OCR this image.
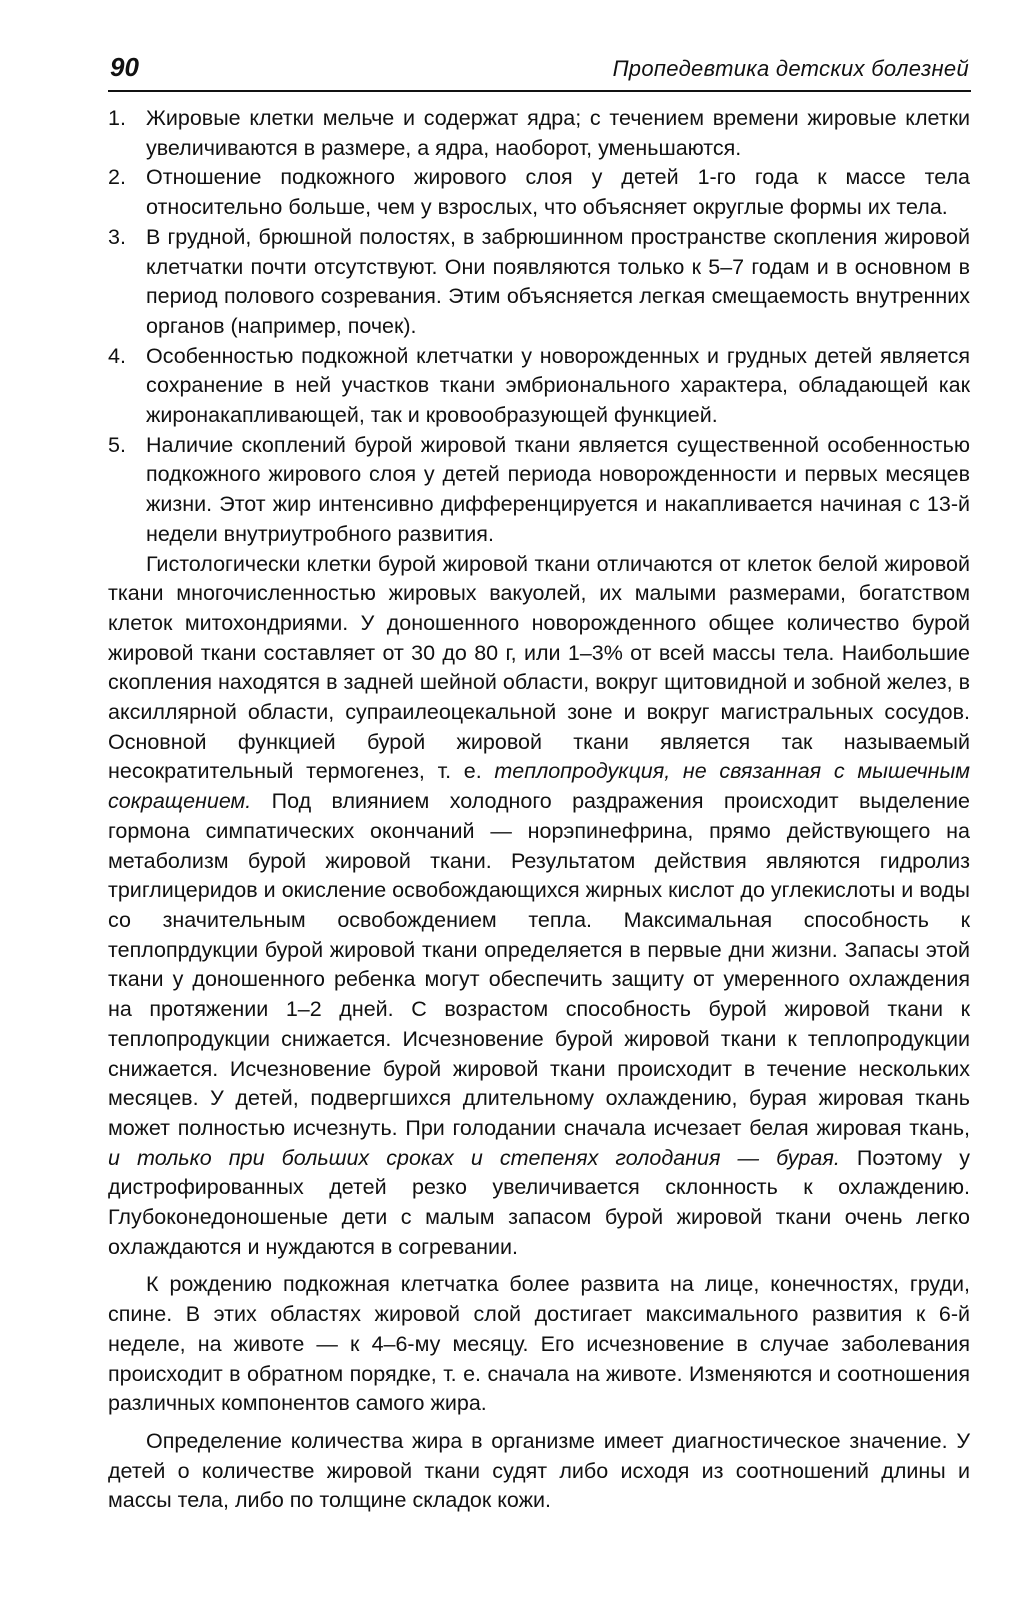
90	Пропедевтика детских болезней
1. Жировые клетки мельче и содержат ядра; с течением времени жировые клетки увеличиваются в размере, а ядра, наоборот, уменьшаются.
2. Отношение подкожного жирового слоя у детей 1-го года к массе тела относительно больше, чем у взрослых, что объясняет округлые формы их тела.
3. В грудной, брюшной полостях, в забрюшинном пространстве скопления жировой клетчатки почти отсутствуют. Они появляются только к 5–7 годам и в основном в период полового созревания. Этим объясняется легкая смещаемость внутренних органов (например, почек).
4. Особенностью подкожной клетчатки у новорожденных и грудных детей является сохранение в ней участков ткани эмбрионального характера, обладающей как жиронакапливающей, так и кровообразующей функцией.
5. Наличие скоплений бурой жировой ткани является существенной особенностью подкожного жирового слоя у детей периода новорожденности и первых месяцев жизни. Этот жир интенсивно дифференцируется и накапливается начиная с 13-й недели внутриутробного развития.

Гистологически клетки бурой жировой ткани отличаются от клеток белой жировой ткани многочисленностью жировых вакуолей, их малыми размерами, богатством клеток митохондриями. У доношенного новорожденного общее количество бурой жировой ткани составляет от 30 до 80 г, или 1–3% от всей массы тела. Наибольшие скопления находятся в задней шейной области, вокруг щитовидной и зобной желез, в аксиллярной области, супраилеоцекальной зоне и вокруг магистральных сосудов. Основной функцией бурой жировой ткани является так называемый несократительный термогенез, т. е. теплопродукция, не связанная с мышечным сокращением. Под влиянием холодного раздражения происходит выделение гормона симпатических окончаний — норэпинефрина, прямо действующего на метаболизм бурой жировой ткани. Результатом действия являются гидролиз триглицеридов и окисление освобождающихся жирных кислот до углекислоты и воды со значительным освобождением тепла. Максимальная способность к теплопрдукции бурой жировой ткани определяется в первые дни жизни. Запасы этой ткани у доношенного ребенка могут обеспечить защиту от умеренного охлаждения на протяжении 1–2 дней. С возрастом способность бурой жировой ткани к теплопродукции снижается. Исчезновение бурой жировой ткани к теплопродукции снижается. Исчезновение бурой жировой ткани происходит в течение нескольких месяцев. У детей, подвергшихся длительному охлаждению, бурая жировая ткань может полностью исчезнуть. При голодании сначала исчезает белая жировая ткань, и только при больших сроках и степенях голодания — бурая. Поэтому у дистрофированных детей резко увеличивается склонность к охлаждению. Глубоконедоношеные дети с малым запасом бурой жировой ткани очень легко охлаждаются и нуждаются в согревании.

К рождению подкожная клетчатка более развита на лице, конечностях, груди, спине. В этих областях жировой слой достигает максимального развития к 6-й неделе, на животе — к 4–6-му месяцу. Его исчезновение в случае заболевания происходит в обратном порядке, т. е. сначала на животе. Изменяются и соотношения различных компонентов самого жира.

Определение количества жира в организме имеет диагностическое значение. У детей о количестве жировой ткани судят либо исходя из соотношений длины и массы тела, либо по толщине складок кожи.
